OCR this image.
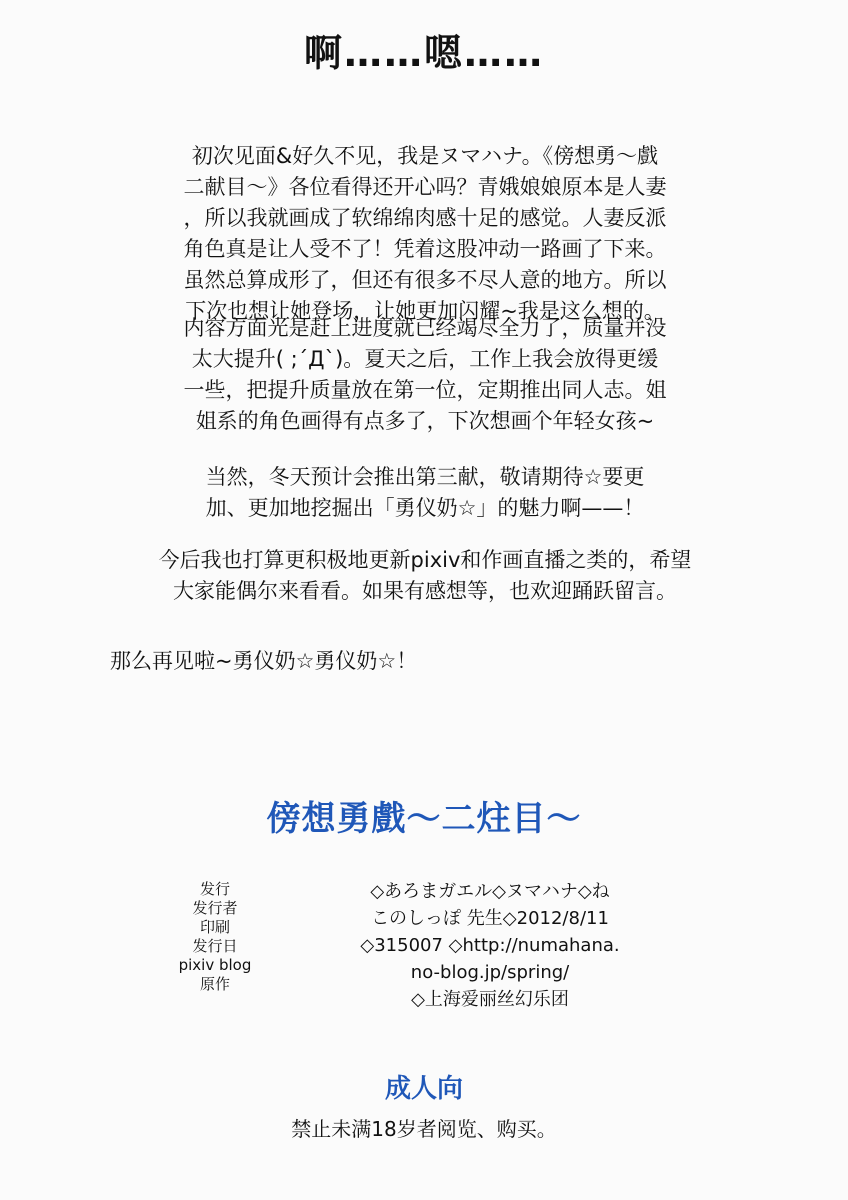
啊……嗯……
初次见面&好久不见，我是ヌマハナ。《傍想勇～戲
二献目～》各位看得还开心吗？青娥娘娘原本是人妻
，所以我就画成了软绵绵肉感十足的感觉。人妻反派
角色真是让人受不了！凭着这股冲动一路画了下来。
虽然总算成形了，但还有很多不尽人意的地方。所以
下次也想让她登场，让她更加闪耀~我是这么想的。
内容方面光是赶上进度就已经竭尽全力了，质量并没
太大提升( ;´Д`)。夏天之后，工作上我会放得更缓
一些，把提升质量放在第一位，定期推出同人志。姐
姐系的角色画得有点多了，下次想画个年轻女孩~
当然，冬天预计会推出第三献，敬请期待☆要更
加、更加地挖掘出「勇仪奶☆」的魅力啊——！
今后我也打算更积极地更新pixiv和作画直播之类的，希望
大家能偶尔来看看。如果有感想等，也欢迎踊跃留言。
那么再见啦~勇仪奶☆勇仪奶☆！
傍想勇戲～二炷目～
发行
发行者
印刷
发行日
pixiv blog
原作
◇あろまガエル◇ヌマハナ◇ね
このしっぽ 先生◇2012/8/11
◇315007 ◇http://numahana.
no-blog.jp/spring/
◇上海爱丽丝幻乐团
成人向
禁止未满18岁者阅览、购买。
